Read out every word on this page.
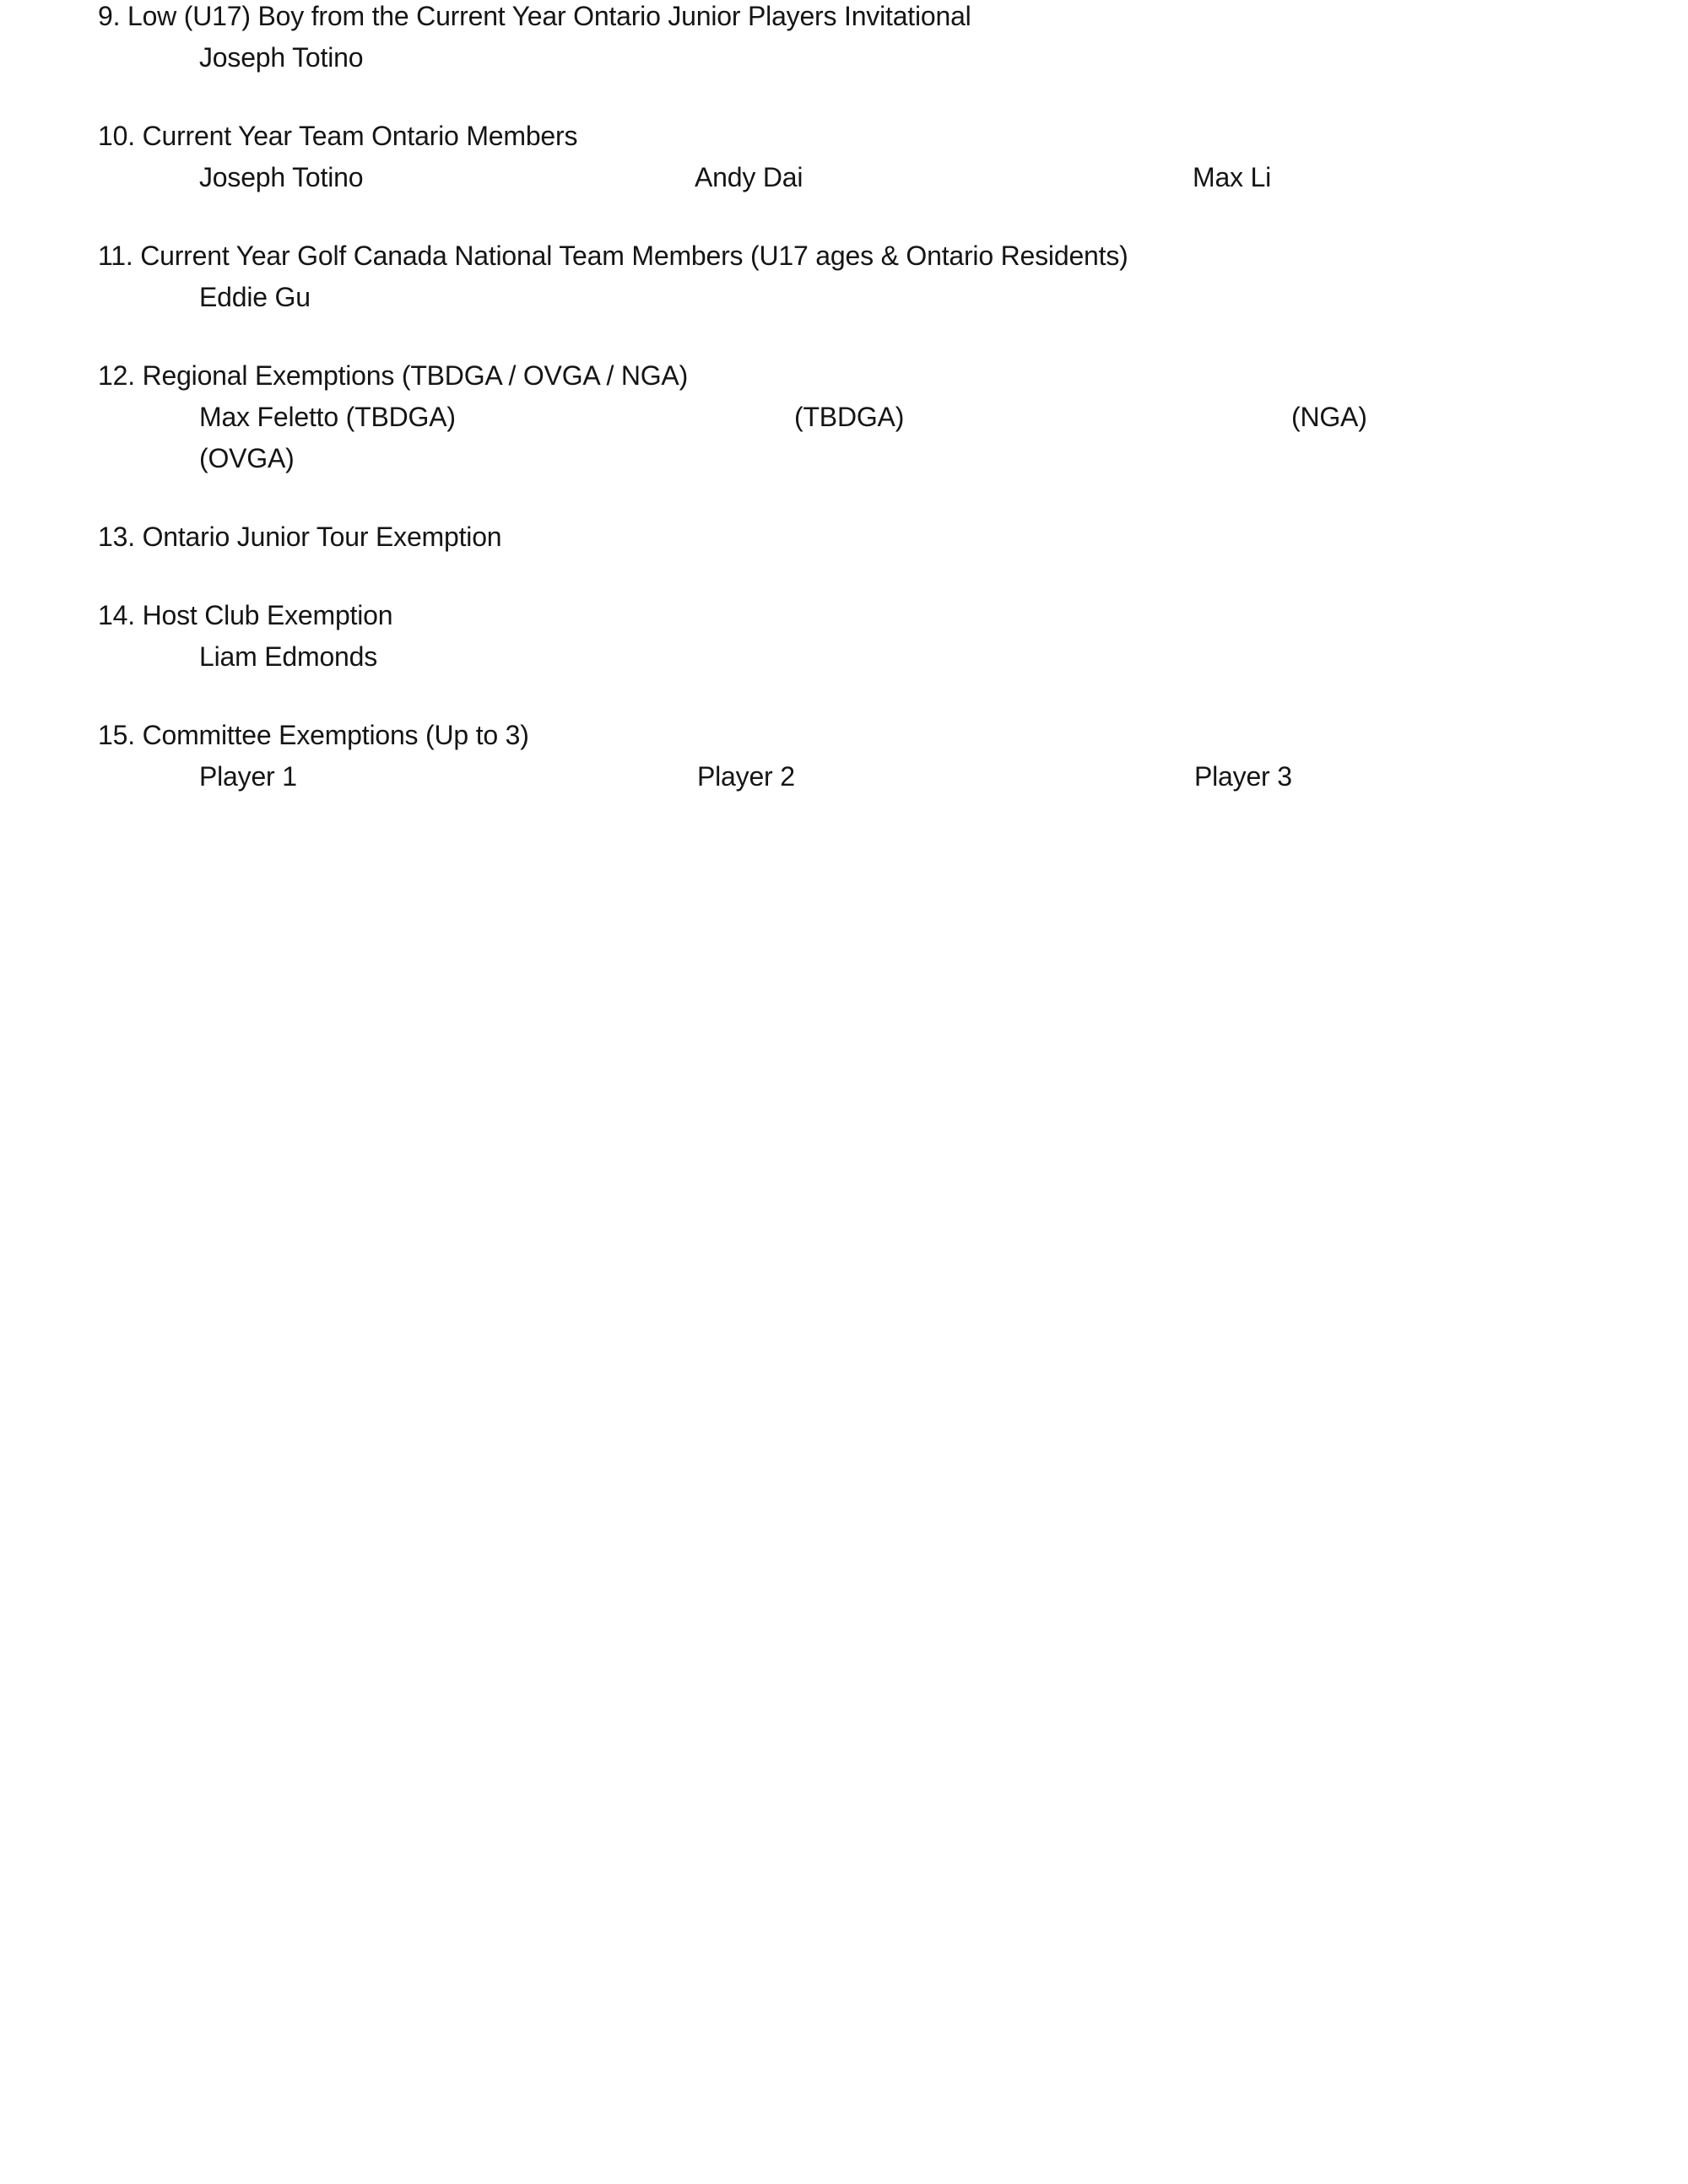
9. Low (U17) Boy from the Current Year Ontario Junior Players Invitational
Joseph Totino
10. Current Year Team Ontario Members
Joseph Totino	Andy Dai	Max Li
11. Current Year Golf Canada National Team Members (U17 ages & Ontario Residents)
Eddie Gu
12. Regional Exemptions (TBDGA / OVGA / NGA)
Max Feletto (TBDGA)	(TBDGA)	(NGA)
(OVGA)
13. Ontario Junior Tour Exemption
14. Host Club Exemption
Liam Edmonds
15. Committee Exemptions (Up to 3)
Player 1	Player 2	Player 3
